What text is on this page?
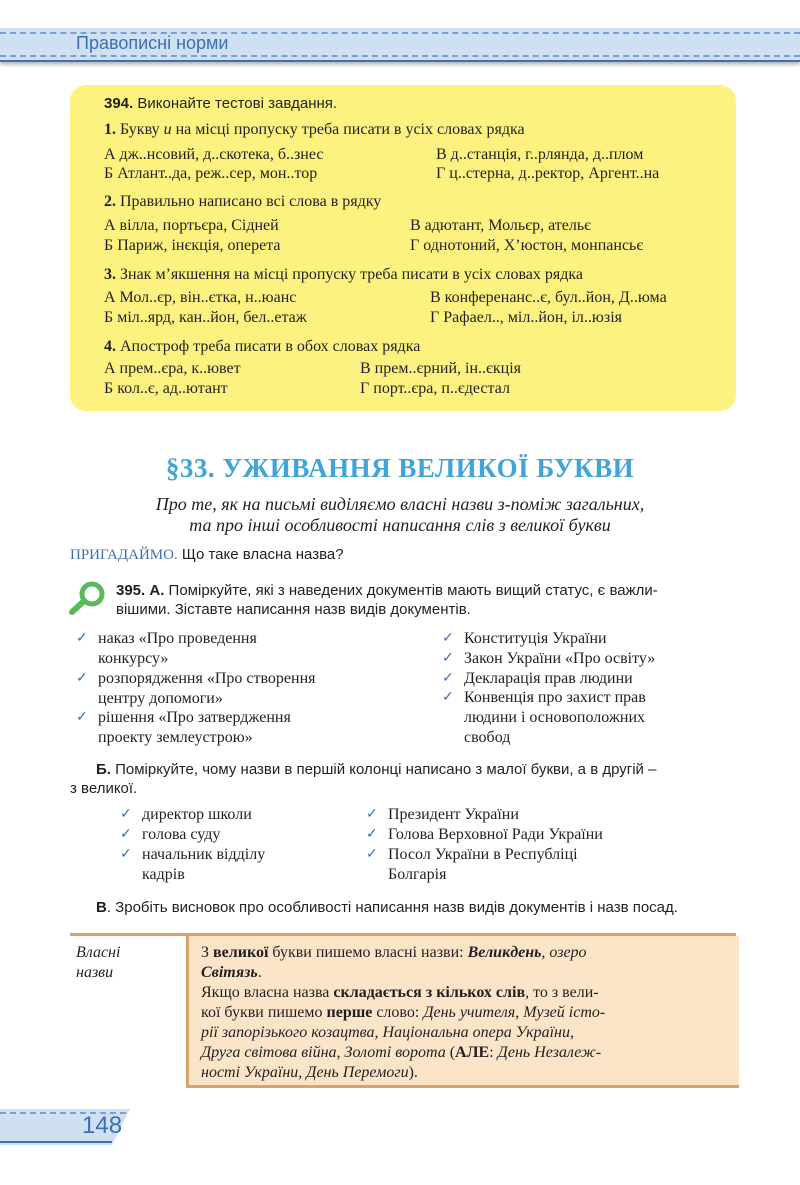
Правописні норми
394. Виконайте тестові завдання.
1. Букву и на місці пропуску треба писати в усіх словах рядка
А дж..нсовий, д..скотека, б..знес
Б Атлант..да, реж..сер, мон..тор
В д..станція, г..рлянда, д..плом
Г ц..стерна, д..ректор, Аргент..на
2. Правильно написано всі слова в рядку
А вілла, портьєра, Сідней
Б Париж, інєкція, оперета
В адютант, Мольєр, ательє
Г однотоний, Х’юстон, монпансьє
3. Знак м’якшення на місці пропуску треба писати в усіх словах рядка
А Мол..єр, він..єтка, н..юанс
Б міл..ярд, кан..йон, бел..етаж
В конференанс..є, бул..йон, Д..юма
Г Рафаел.., міл..йон, іл..юзія
4. Апостроф треба писати в обох словах рядка
А прем..єра, к..ювет
Б кол..є, ад..ютант
В прем..єрний, ін..єкція
Г порт..єра, п..єдестал
§33. УЖИВАННЯ ВЕЛИКОЇ БУКВИ
Про те, як на письмі виділяємо власні назви з-поміж загальних,
та про інші особливості написання слів з великої букви
ПРИГАДАЙМО. Що таке власна назва?
395. А. Поміркуйте, які з наведених документів мають вищий статус, є важли-
вішими. Зіставте написання назв видів документів.
✓ наказ «Про проведення
конкурсу»
✓ розпорядження «Про створення
центру допомоги»
✓ рішення «Про затвердження
проекту землеустрою»
✓ Конституція України
✓ Закон України «Про освіту»
✓ Декларація прав людини
✓ Конвенція про захист прав
людини і основоположних
свобод
Б. Поміркуйте, чому назви в першій колонці написано з малої букви, а в другій –
з великої.
✓ директор школи
✓ голова суду
✓ начальник відділу
кадрів
✓ Президент України
✓ Голова Верховної Ради України
✓ Посол України в Республіці
Болгарія
В. Зробіть висновок про особливості написання назв видів документів і назв посад.
Власні
назви
З великої букви пишемо власні назви: Великдень, озеро
Світязь.
Якщо власна назва складається з кількох слів, то з вели-
кої букви пишемо перше слово: День учителя, Музей істо-
рії запорізького козацтва, Національна опера України,
Друга світова війна, Золоті ворота (АЛЕ: День Незалеж-
ності України, День Перемоги).
148
